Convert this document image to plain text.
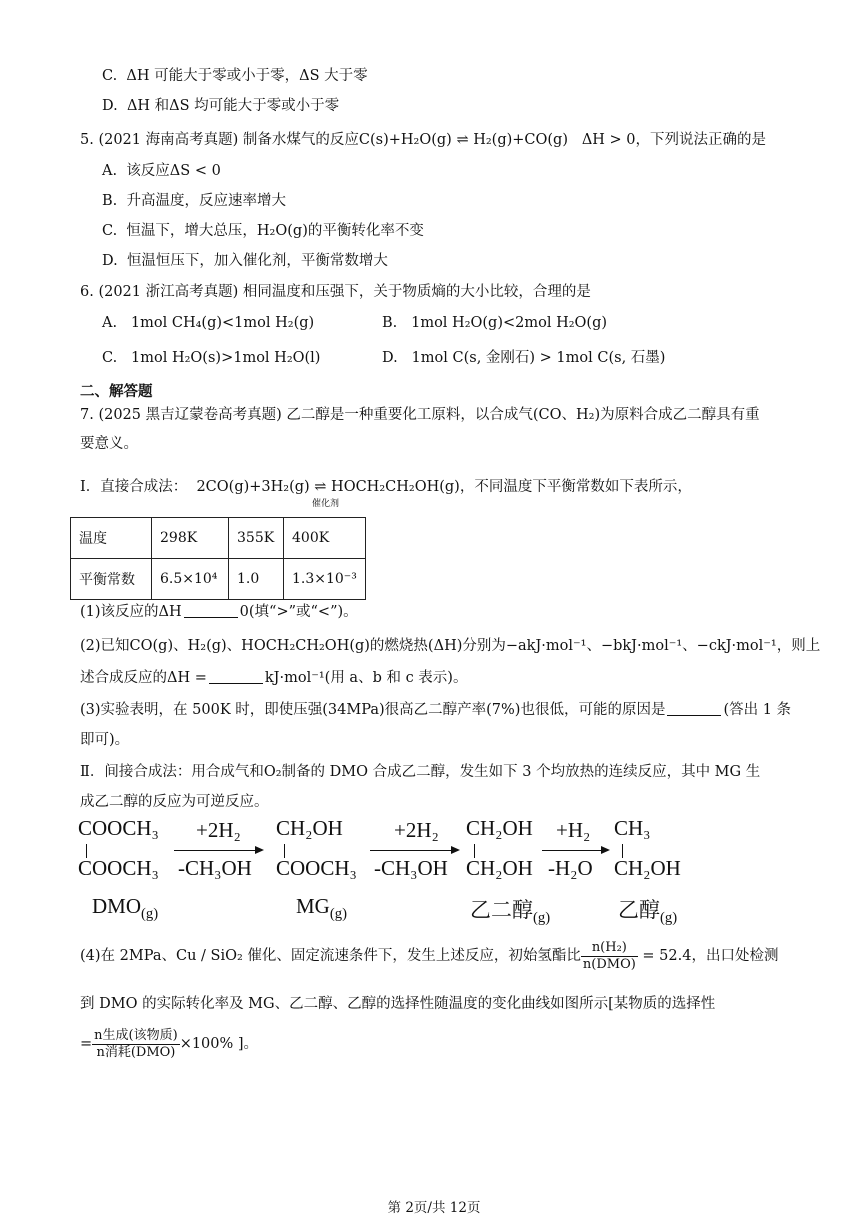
C. ΔH 可能大于零或小于零，ΔS 大于零
D. ΔH 和ΔS 均可能大于零或小于零
5. (2021 海南高考真题) 制备水煤气的反应C(s)+H₂O(g) ⇌ H₂(g)+CO(g) ΔH > 0，下列说法正确的是
A. 该反应ΔS < 0
B. 升高温度，反应速率增大
C. 恒温下，增大总压，H₂O(g)的平衡转化率不变
D. 恒温恒压下，加入催化剂，平衡常数增大
6. (2021 浙江高考真题) 相同温度和压强下，关于物质熵的大小比较，合理的是
A. 1mol CH₄(g)<1mol H₂(g)	B. 1mol H₂O(g)<2mol H₂O(g)
C. 1mol H₂O(s)>1mol H₂O(l)	D. 1mol C(s, 金刚石) > 1mol C(s, 石墨)
二、解答题
7. (2025 黑吉辽蒙卷高考真题) 乙二醇是一种重要化工原料，以合成气(CO、H₂)为原料合成乙二醇具有重
要意义。
Ⅰ．直接合成法： 2CO(g)+3H₂(g) ⇌ HOCH₂CH₂OH(g)，不同温度下平衡常数如下表所示，
催化剂
温度	298K	355K	400K
平衡常数	6.5×10⁴	1.0	1.3×10⁻³
(1)该反应的ΔH	0(填“>”或“<”)。
(2)已知CO(g)、H₂(g)、HOCH₂CH₂OH(g)的燃烧热(ΔH)分别为−akJ·mol⁻¹、−bkJ·mol⁻¹、−ckJ·mol⁻¹，则上
述合成反应的ΔH =	kJ·mol⁻¹(用 a、b 和 c 表示)。
(3)实验表明，在 500K 时，即使压强(34MPa)很高乙二醇产率(7%)也很低，可能的原因是	(答出 1 条
即可)。
Ⅱ．间接合成法：用合成气和O₂制备的 DMO 合成乙二醇，发生如下 3 个均放热的连续反应，其中 MG 生
成乙二醇的反应为可逆反应。
COOCH₃
COOCH₃
$DMO_{(g)}$
+2H₂
-CH₃OH
CH₂OH
COOCH₃
$MG_{(g)}$
+2H₂
-CH₃OH
CH₂OH
CH₂OH
乙二醇$_{(g)}$
+H₂
-H₂O
CH₃
CH₂OH
乙醇$_{(g)}$
(4)在 2MPa、Cu / SiO₂ 催化、固定流速条件下，发生上述反应，初始氢酯比 $\frac{\text{n(H₂)}}{\text{n(DMO)}} = 52.4$，出口处检测
到 DMO 的实际转化率及 MG、乙二醇、乙醇的选择性随温度的变化曲线如图所示[某物质的选择性
= $\frac{\text{n生成(该物质)}}{\text{n消耗(DMO)}} \times 100\%$ ]。
第 2页/共 12页
